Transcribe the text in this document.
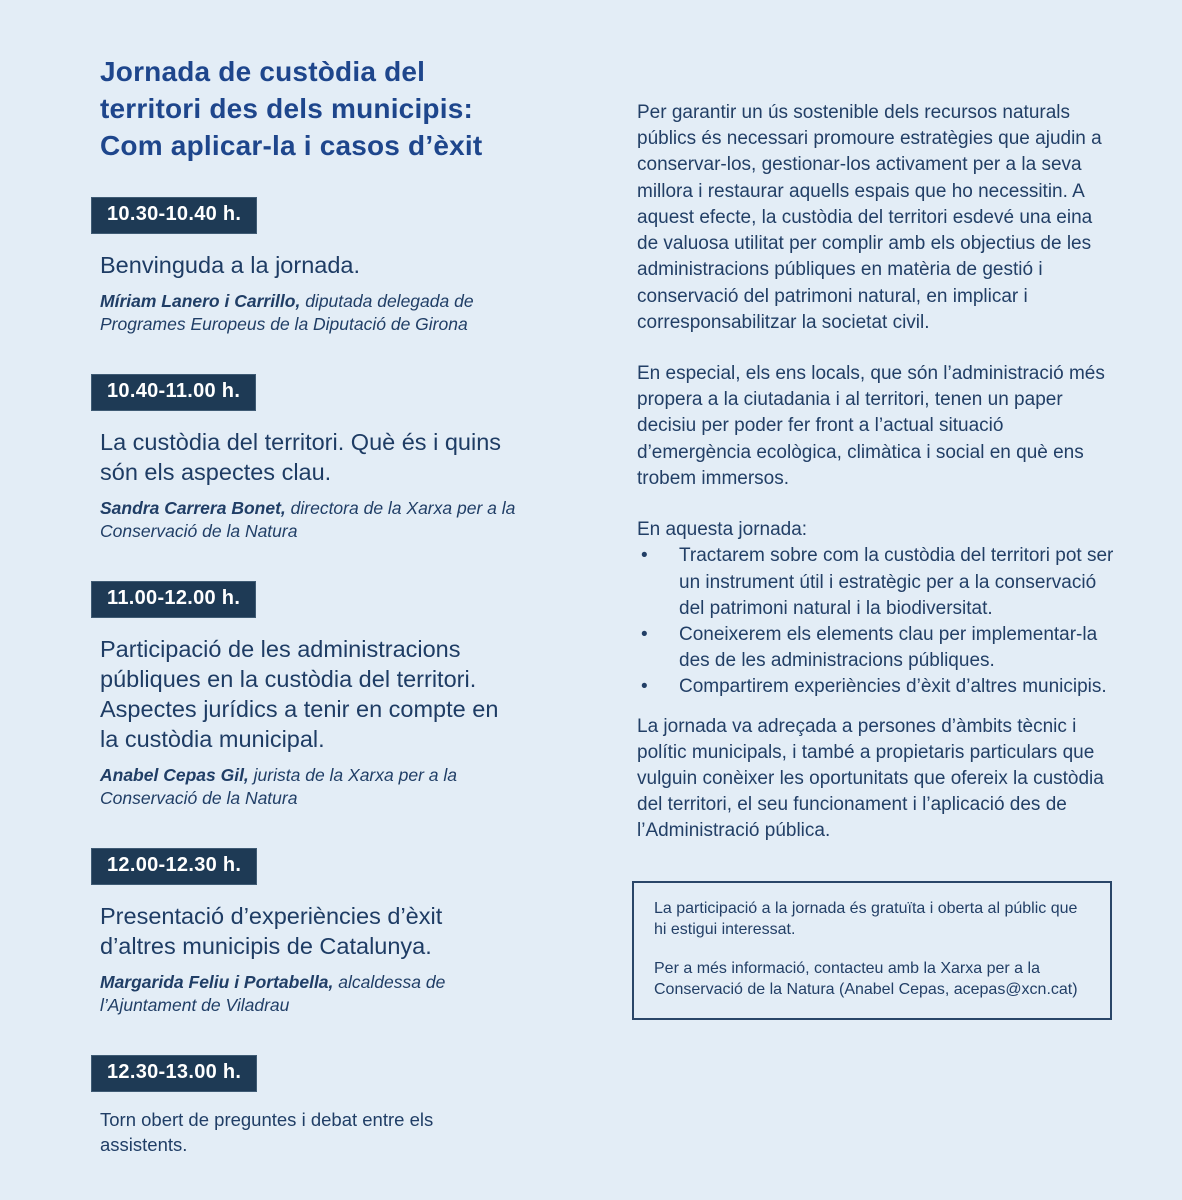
Jornada de custòdia del
territori des dels municipis:
Com aplicar-la i casos d’èxit
10.30-10.40 h.

Benvinguda a la jornada.

Míriam Lanero i Carrillo, diputada delegada de Programes Europeus de la Diputació de Girona

10.40-11.00 h.

La custòdia del territori. Què és i quins són els aspectes clau.

Sandra Carrera Bonet, directora de la Xarxa per a la Conservació de la Natura

11.00-12.00 h.

Participació de les administracions públiques en la custòdia del territori. Aspectes jurídics a tenir en compte en la custòdia municipal.

Anabel Cepas Gil, jurista de la Xarxa per a la Conservació de la Natura

12.00-12.30 h.

Presentació d’experiències d’èxit d’altres municipis de Catalunya.

Margarida Feliu i Portabella, alcaldessa de l’Ajuntament de Viladrau

12.30-13.00 h.

Torn obert de preguntes i debat entre els assistents.

Per garantir un ús sostenible dels recursos naturals públics és necessari promoure estratègies que ajudin a conservar-los, gestionar-los activament per a la seva millora i restaurar aquells espais que ho necessitin. A aquest efecte, la custòdia del territori esdevé una eina de valuosa utilitat per complir amb els objectius de les administracions públiques en matèria de gestió i conservació del patrimoni natural, en implicar i corresponsabilitzar la societat civil.

En especial, els ens locals, que són l’administració més propera a la ciutadania i al territori, tenen un paper decisiu per poder fer front a l’actual situació d’emergència ecològica, climàtica i social en què ens trobem immersos.

En aquesta jornada:

•	Tractarem sobre com la custòdia del territori pot ser un instrument útil i estratègic per a la conservació del patrimoni natural i la biodiversitat.
•	Coneixerem els elements clau per implementar-la des de les administracions públiques.
•	Compartirem experiències d’èxit d’altres municipis.

La jornada va adreçada a persones d’àmbits tècnic i polític municipals, i també a propietaris particulars que vulguin conèixer les oportunitats que ofereix la custòdia del territori, el seu funcionament i l’aplicació des de l’Administració pública.

La participació a la jornada és gratuïta i oberta al públic que hi estigui interessat.

Per a més informació, contacteu amb la Xarxa per a la Conservació de la Natura (Anabel Cepas, acepas@xcn.cat)
